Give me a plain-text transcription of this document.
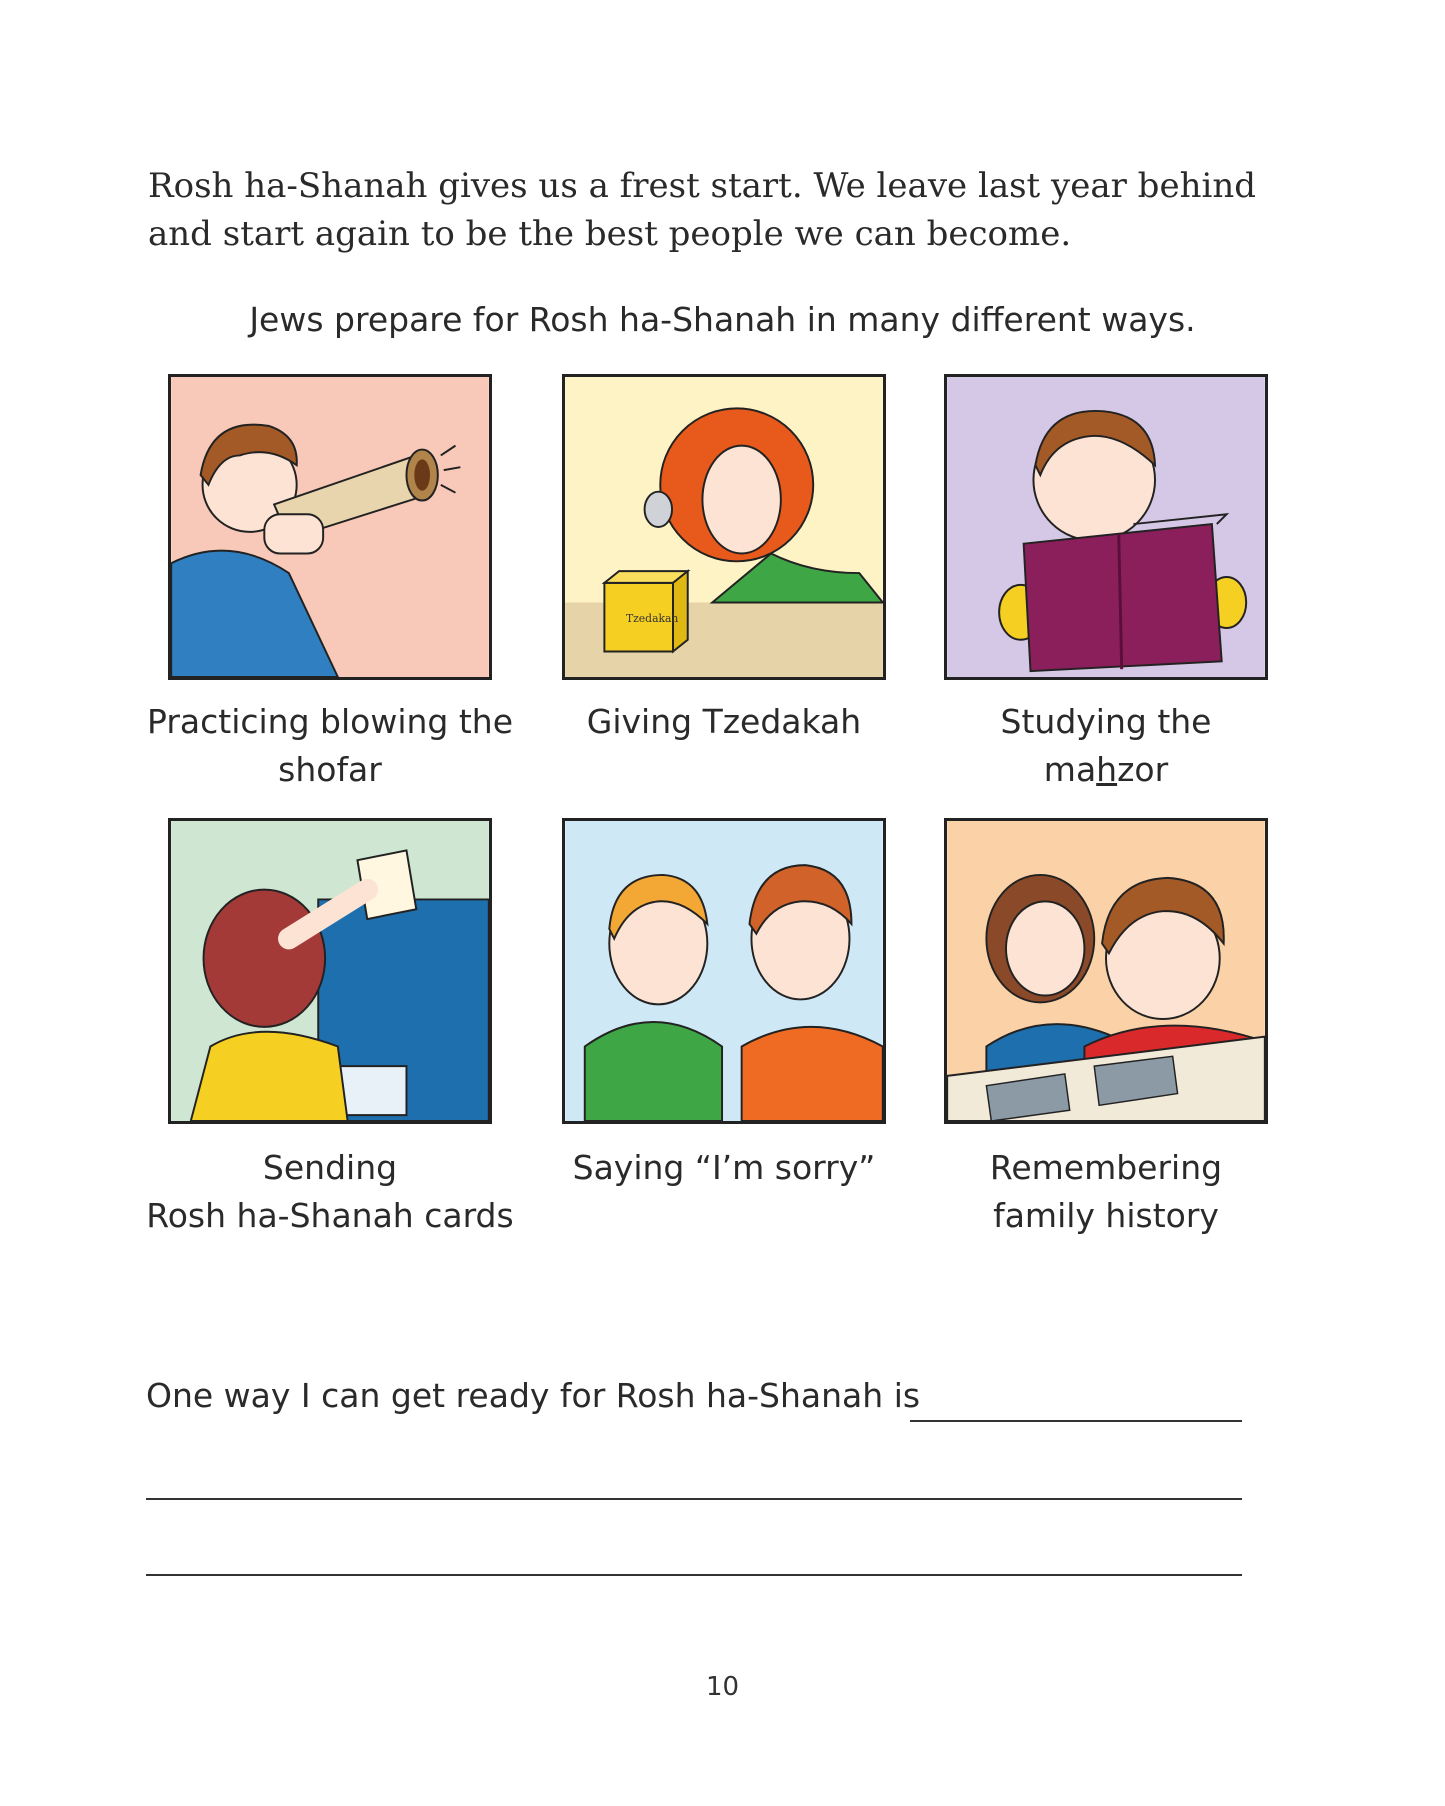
Rosh ha-Shanah gives us a frest start. We leave last year behind and start again to be the best people we can become.
Jews prepare for Rosh ha-Shanah in many different ways.
Tzedakah
Practicing blowing the
shofar
Giving Tzedakah	Studying the
mahzor
Sending
Rosh ha-Shanah cards
Saying “I’m sorry”	Remembering
family history
One way I can get ready for Rosh ha-Shanah is
10
